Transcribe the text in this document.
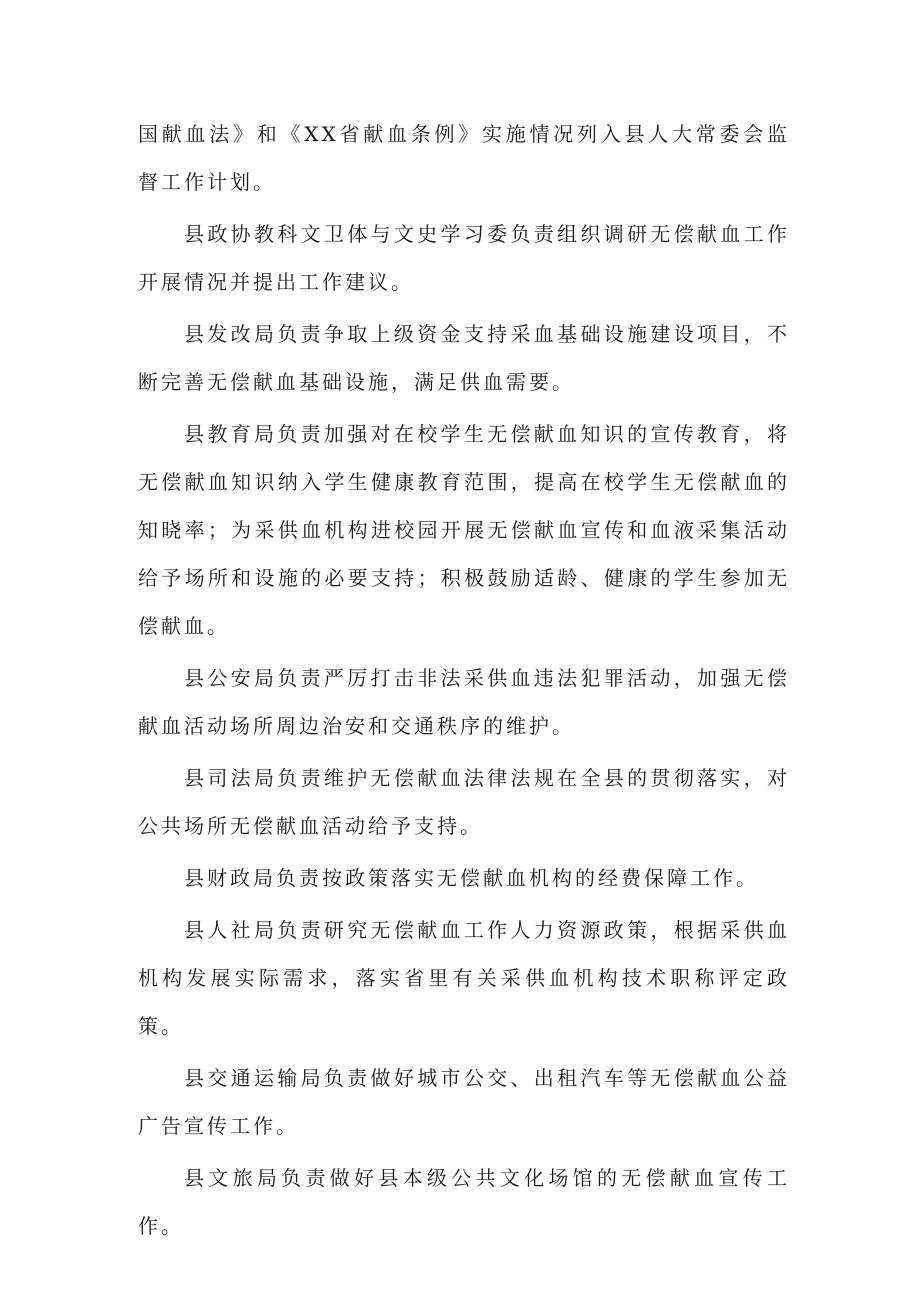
国献血法》和《XX省献血条例》实施情况列入县人大常委会监督工作计划。

县政协教科文卫体与文史学习委负责组织调研无偿献血工作开展情况并提出工作建议。

县发改局负责争取上级资金支持采血基础设施建设项目，不断完善无偿献血基础设施，满足供血需要。

县教育局负责加强对在校学生无偿献血知识的宣传教育，将无偿献血知识纳入学生健康教育范围，提高在校学生无偿献血的知晓率；为采供血机构进校园开展无偿献血宣传和血液采集活动给予场所和设施的必要支持；积极鼓励适龄、健康的学生参加无偿献血。

县公安局负责严厉打击非法采供血违法犯罪活动，加强无偿献血活动场所周边治安和交通秩序的维护。

县司法局负责维护无偿献血法律法规在全县的贯彻落实，对公共场所无偿献血活动给予支持。

县财政局负责按政策落实无偿献血机构的经费保障工作。

县人社局负责研究无偿献血工作人力资源政策，根据采供血机构发展实际需求，落实省里有关采供血机构技术职称评定政策。

县交通运输局负责做好城市公交、出租汽车等无偿献血公益广告宣传工作。

县文旅局负责做好县本级公共文化场馆的无偿献血宣传工作。
